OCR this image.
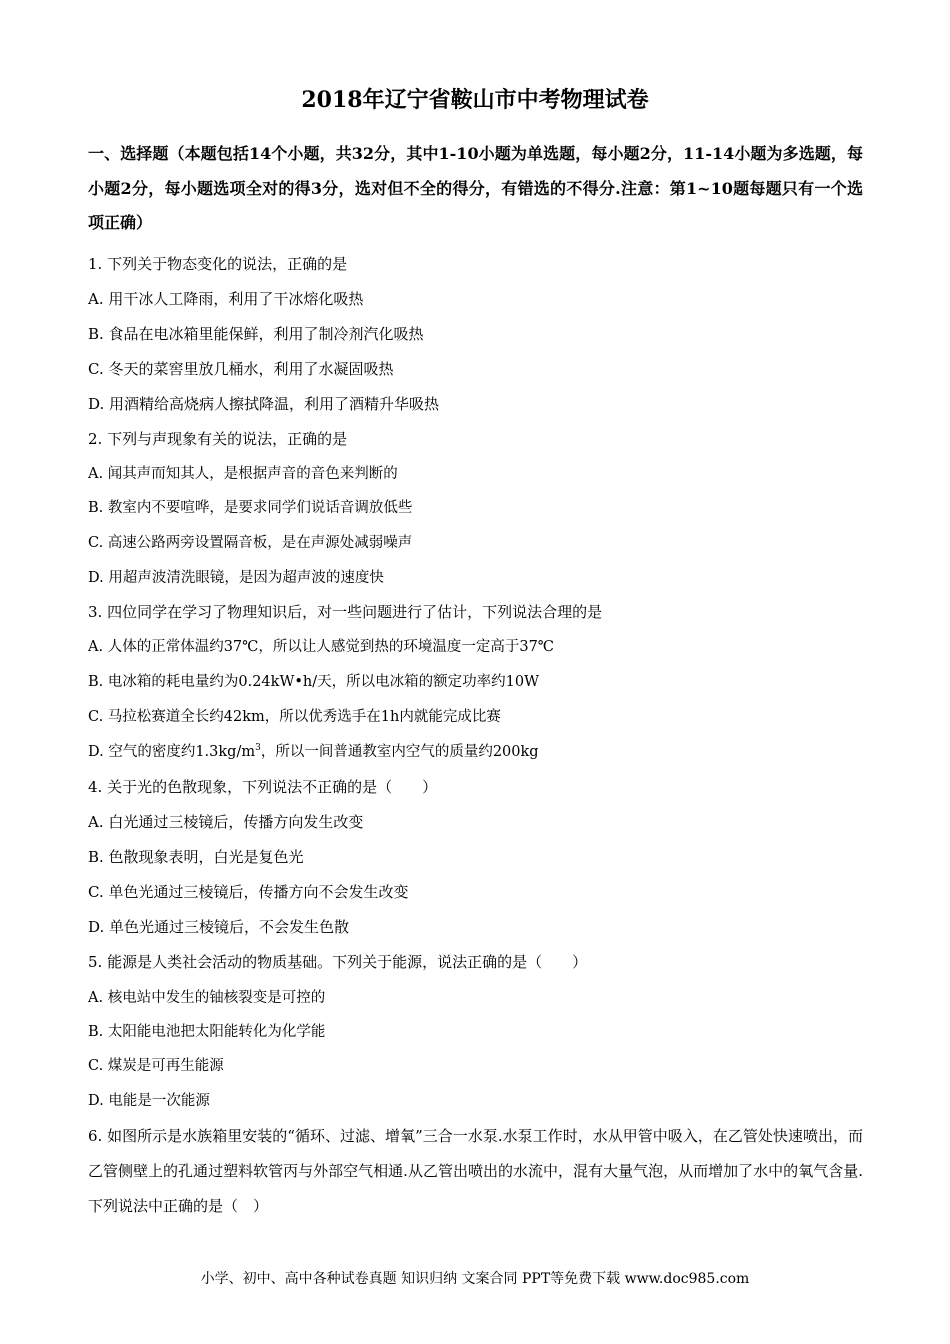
2018年辽宁省鞍山市中考物理试卷
一、选择题（本题包括14个小题，共32分，其中1-10小题为单选题，每小题2分，11-14小题为多选题，每小题2分，每小题选项全对的得3分，选对但不全的得分，有错选的不得分.注意：第1~10题每题只有一个选项正确）
1. 下列关于物态变化的说法，正确的是
A. 用干冰人工降雨，利用了干冰熔化吸热
B. 食品在电冰箱里能保鲜，利用了制冷剂汽化吸热
C. 冬天的菜窖里放几桶水，利用了水凝固吸热
D. 用酒精给高烧病人擦拭降温，利用了酒精升华吸热
2. 下列与声现象有关的说法，正确的是
A. 闻其声而知其人，是根据声音的音色来判断的
B. 教室内不要喧哗，是要求同学们说话音调放低些
C. 高速公路两旁设置隔音板，是在声源处减弱噪声
D. 用超声波清洗眼镜，是因为超声波的速度快
3. 四位同学在学习了物理知识后，对一些问题进行了估计，下列说法合理的是
A. 人体的正常体温约37℃，所以让人感觉到热的环境温度一定高于37℃
B. 电冰箱的耗电量约为0.24kW•h/天，所以电冰箱的额定功率约10W
C. 马拉松赛道全长约42km，所以优秀选手在1h内就能完成比赛
D. 空气的密度约$1.3kg/m^3$，所以一间普通教室内空气的质量约200kg
4. 关于光的色散现象，下列说法不正确的是（　　）
A. 白光通过三棱镜后，传播方向发生改变
B. 色散现象表明，白光是复色光
C. 单色光通过三棱镜后，传播方向不会发生改变
D. 单色光通过三棱镜后，不会发生色散
5. 能源是人类社会活动的物质基础。下列关于能源，说法正确的是（　　）
A. 核电站中发生的铀核裂变是可控的
B. 太阳能电池把太阳能转化为化学能
C. 煤炭是可再生能源
D. 电能是一次能源
6. 如图所示是水族箱里安装的“循环、过滤、增氧”三合一水泵.水泵工作时，水从甲管中吸入，在乙管处快速喷出，而乙管侧壁上的孔通过塑料软管丙与外部空气相通.从乙管出喷出的水流中，混有大量气泡，从而增加了水中的氧气含量.下列说法中正确的是（　）
小学、初中、高中各种试卷真题 知识归纳 文案合同 PPT等免费下载 www.doc985.com
